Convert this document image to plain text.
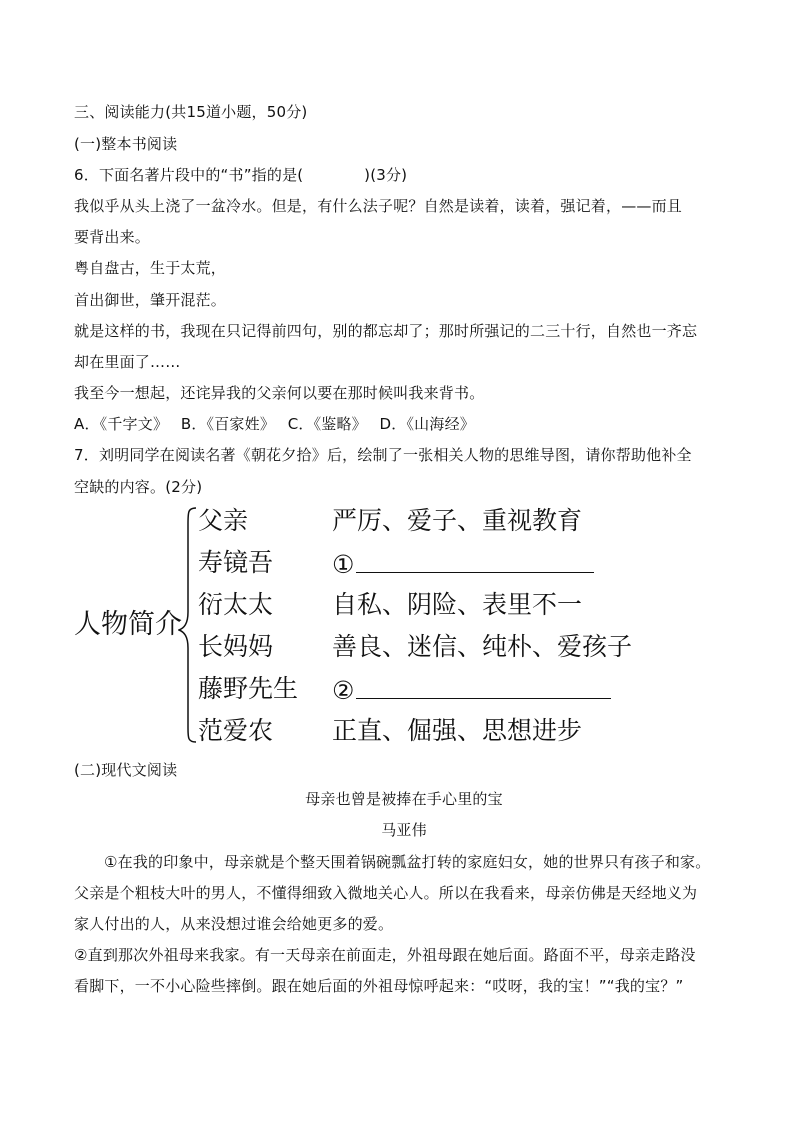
三、阅读能力(共15道小题，50分)
(一)整本书阅读
6．下面名著片段中的“书”指的是(　　　　)(3分)
我似乎从头上浇了一盆冷水。但是，有什么法子呢？自然是读着，读着，强记着，——而且
要背出来。
粤自盘古，生于太荒，
首出御世，肇开混茫。
就是这样的书，我现在只记得前四句，别的都忘却了；那时所强记的二三十行，自然也一齐忘
却在里面了……
我至今一想起，还诧异我的父亲何以要在那时候叫我来背书。
A．《千字文》　 B．《百家姓》　 C．《鉴略》　 D．《山海经》
7．刘明同学在阅读名著《朝花夕拾》后，绘制了一张相关人物的思维导图，请你帮助他补全
空缺的内容。(2分)
人物简介
父亲	严厉、爱子、重视教育
寿镜吾	①
衍太太	自私、阴险、表里不一
长妈妈	善良、迷信、纯朴、爱孩子
藤野先生	②
范爱农	正直、倔强、思想进步
(二)现代文阅读
母亲也曾是被捧在手心里的宝
马亚伟
①在我的印象中，母亲就是个整天围着锅碗瓢盆打转的家庭妇女，她的世界只有孩子和家。
父亲是个粗枝大叶的男人，不懂得细致入微地关心人。所以在我看来，母亲仿佛是天经地义为
家人付出的人，从来没想过谁会给她更多的爱。
②直到那次外祖母来我家。有一天母亲在前面走，外祖母跟在她后面。路面不平，母亲走路没
看脚下，一不小心险些摔倒。跟在她后面的外祖母惊呼起来：“哎呀，我的宝！”“我的宝？”
